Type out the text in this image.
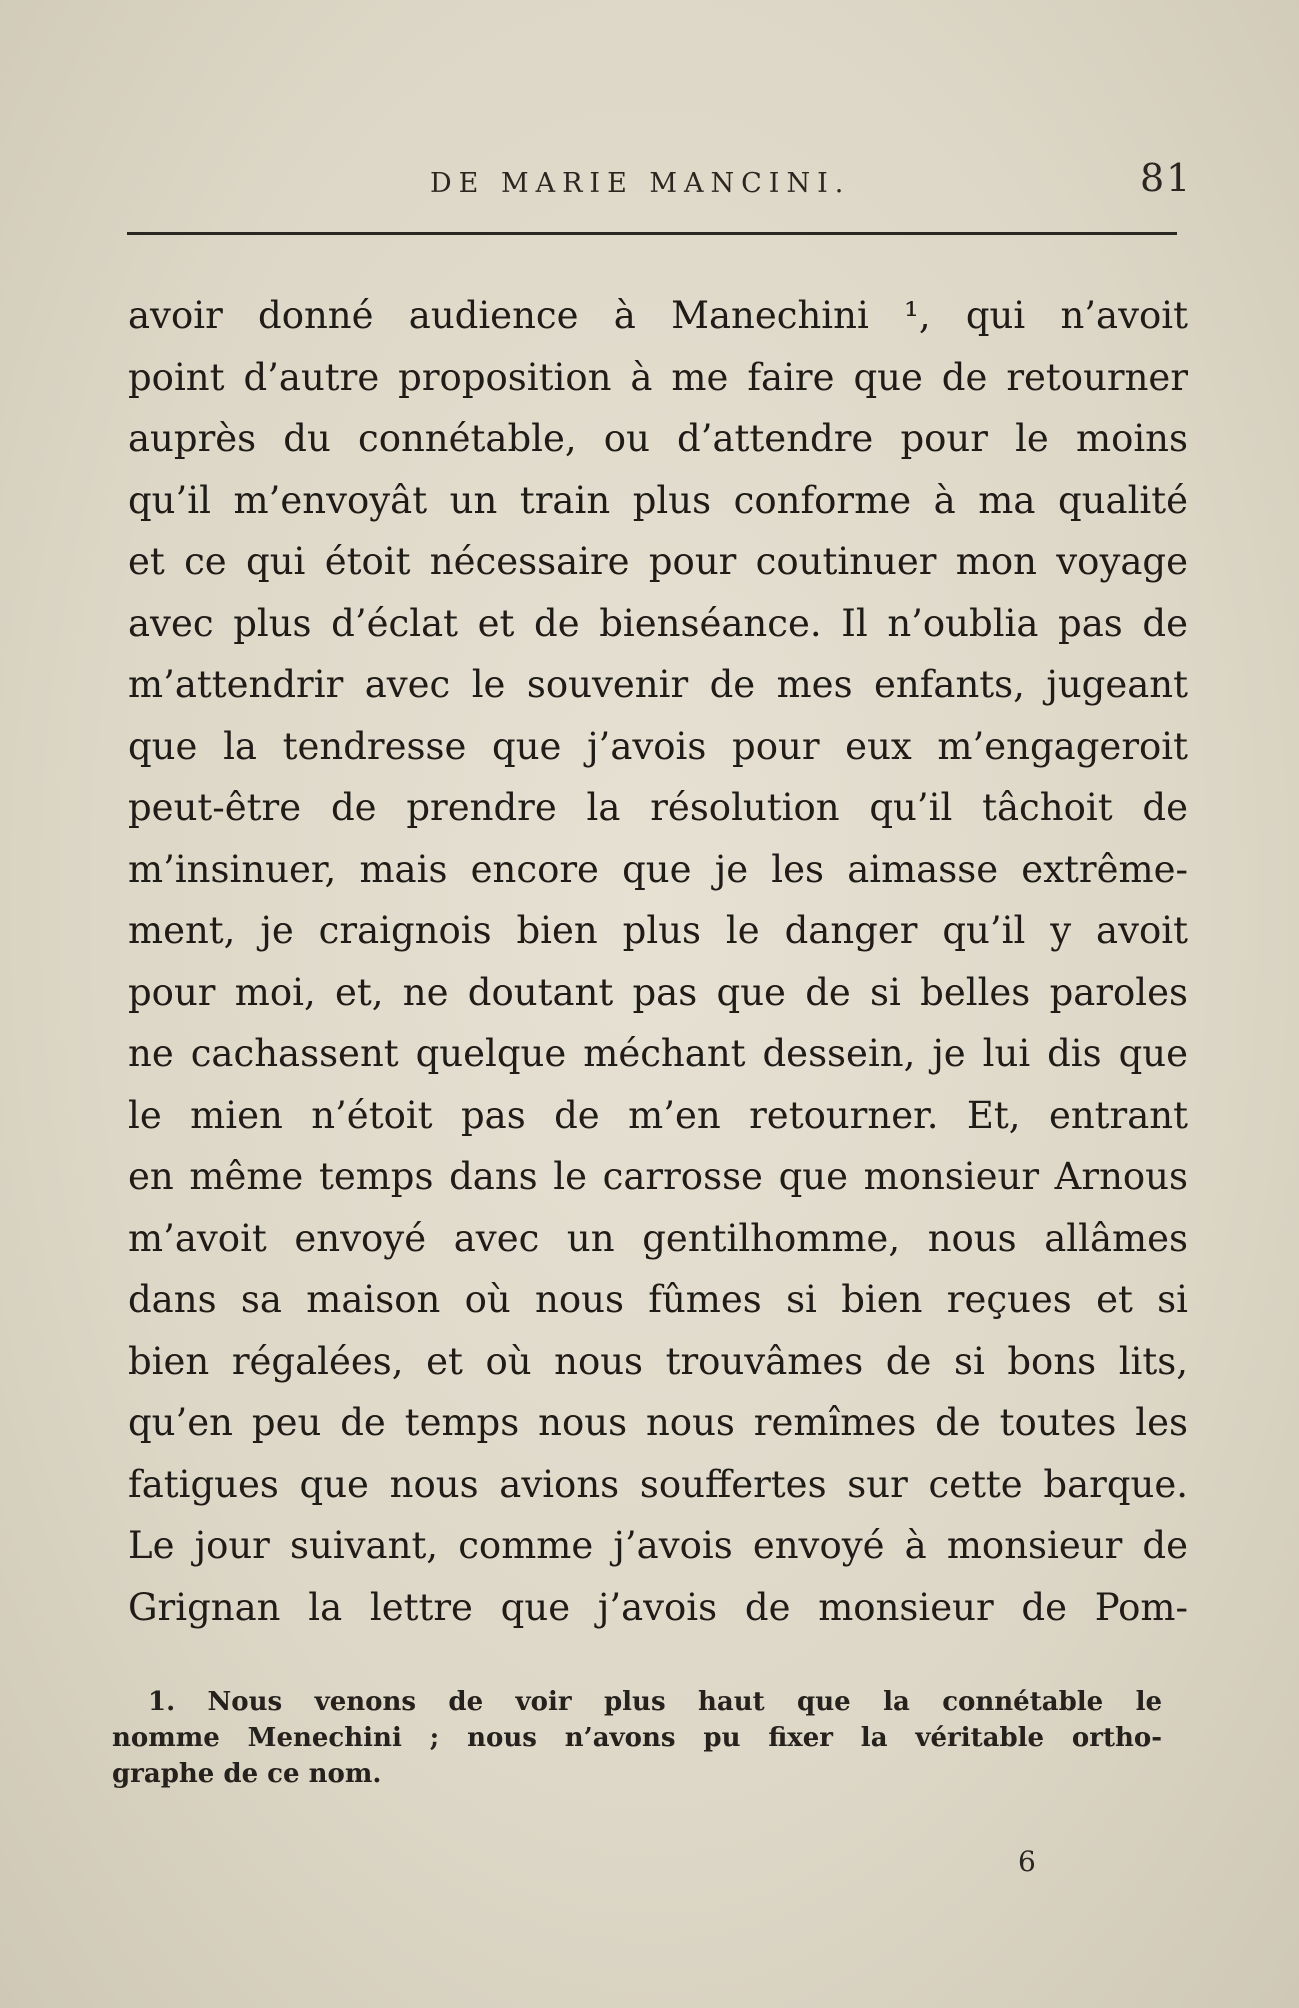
DE MARIE MANCINI.	81
avoir donné audience à Manechini ¹, qui n’avoit
point d’autre proposition à me faire que de retourner
auprès du connétable, ou d’attendre pour le moins
qu’il m’envoyât un train plus conforme à ma qualité
et ce qui étoit nécessaire pour coutinuer mon voyage
avec plus d’éclat et de bienséance. Il n’oublia pas de
m’attendrir avec le souvenir de mes enfants, jugeant
que la tendresse que j’avois pour eux m’engageroit
peut-être de prendre la résolution qu’il tâchoit de
m’insinuer, mais encore que je les aimasse extrême-
ment, je craignois bien plus le danger qu’il y avoit
pour moi, et, ne doutant pas que de si belles paroles
ne cachassent quelque méchant dessein, je lui dis que
le mien n’étoit pas de m’en retourner. Et, entrant
en même temps dans le carrosse que monsieur Arnous
m’avoit envoyé avec un gentilhomme, nous allâmes
dans sa maison où nous fûmes si bien reçues et si
bien régalées, et où nous trouvâmes de si bons lits,
qu’en peu de temps nous nous remîmes de toutes les
fatigues que nous avions souffertes sur cette barque.
Le jour suivant, comme j’avois envoyé à monsieur de
Grignan la lettre que j’avois de monsieur de Pom-
1. Nous venons de voir plus haut que la connétable le
nomme Menechini ; nous n’avons pu fixer la véritable ortho-
graphe de ce nom.
6
